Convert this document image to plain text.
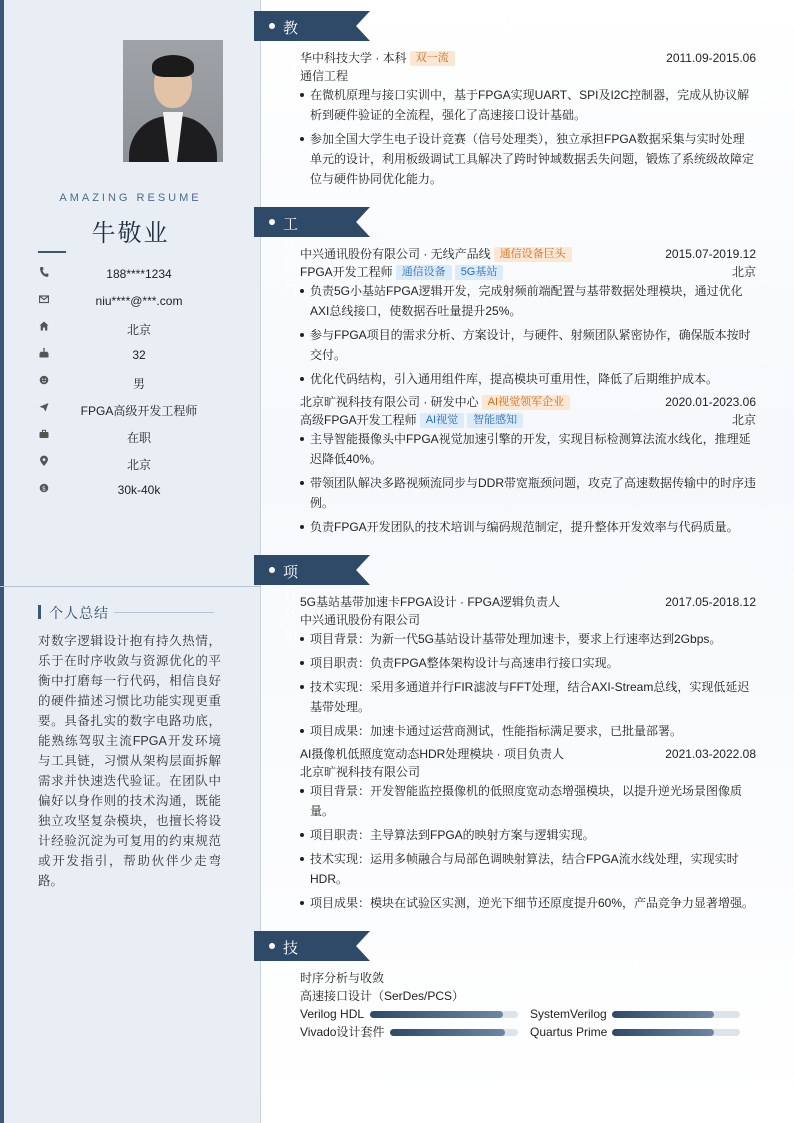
AMAZING RESUME
牛敬业
188****1234
niu****@***.com
北京
32
男
FPGA高级开发工程师
在职
北京
$	30k-40k
个人总结
对数字逻辑设计抱有持久热情，乐于在时序收敛与资源优化的平衡中打磨每一行代码，相信良好的硬件描述习惯比功能实现更重要。具备扎实的数字电路功底，能熟练驾驭主流FPGA开发环境与工具链，习惯从架构层面拆解需求并快速迭代验证。在团队中偏好以身作则的技术沟通，既能独立攻坚复杂模块，也擅长将设计经验沉淀为可复用的约束规范或开发指引，帮助伙伴少走弯路。
教育经历
华中科技大学 · 本科 双一流	2011.09-2015.06
通信工程
在微机原理与接口实训中，基于FPGA实现UART、SPI及I2C控制器，完成从协议解析到硬件验证的全流程，强化了高速接口设计基础。
参加全国大学生电子设计竞赛（信号处理类），独立承担FPGA数据采集与实时处理单元的设计，利用板级调试工具解决了跨时钟域数据丢失问题，锻炼了系统级故障定位与硬件协同优化能力。
工作经历
中兴通讯股份有限公司 · 无线产品线 通信设备巨头	2015.07-2019.12
FPGA开发工程师 通信设备 5G基站	北京
负责5G小基站FPGA逻辑开发，完成射频前端配置与基带数据处理模块，通过优化AXI总线接口，使数据吞吐量提升25%。
参与FPGA项目的需求分析、方案设计，与硬件、射频团队紧密协作，确保版本按时交付。
优化代码结构，引入通用组件库，提高模块可重用性，降低了后期维护成本。
北京旷视科技有限公司 · 研发中心 AI视觉领军企业	2020.01-2023.06
高级FPGA开发工程师 AI视觉 智能感知	北京
主导智能摄像头中FPGA视觉加速引擎的开发，实现目标检测算法流水线化，推理延迟降低40%。
带领团队解决多路视频流同步与DDR带宽瓶颈问题，攻克了高速数据传输中的时序违例。
负责FPGA开发团队的技术培训与编码规范制定，提升整体开发效率与代码质量。
项目经历
5G基站基带加速卡FPGA设计 · FPGA逻辑负责人	2017.05-2018.12
中兴通讯股份有限公司
项目背景：为新一代5G基站设计基带处理加速卡，要求上行速率达到2Gbps。
项目职责：负责FPGA整体架构设计与高速串行接口实现。
技术实现：采用多通道并行FIR滤波与FFT处理，结合AXI-Stream总线，实现低延迟基带处理。
项目成果：加速卡通过运营商测试，性能指标满足要求，已批量部署。
AI摄像机低照度宽动态HDR处理模块 · 项目负责人	2021.03-2022.08
北京旷视科技有限公司
项目背景：开发智能监控摄像机的低照度宽动态增强模块，以提升逆光场景图像质量。
项目职责：主导算法到FPGA的映射方案与逻辑实现。
技术实现：运用多帧融合与局部色调映射算法，结合FPGA流水线处理，实现实时HDR。
项目成果：模块在试验区实测，逆光下细节还原度提升60%，产品竞争力显著增强。
技能专长
时序分析与收敛
高速接口设计（SerDes/PCS）
Verilog HDL	SystemVerilog
Vivado设计套件	Quartus Prime
